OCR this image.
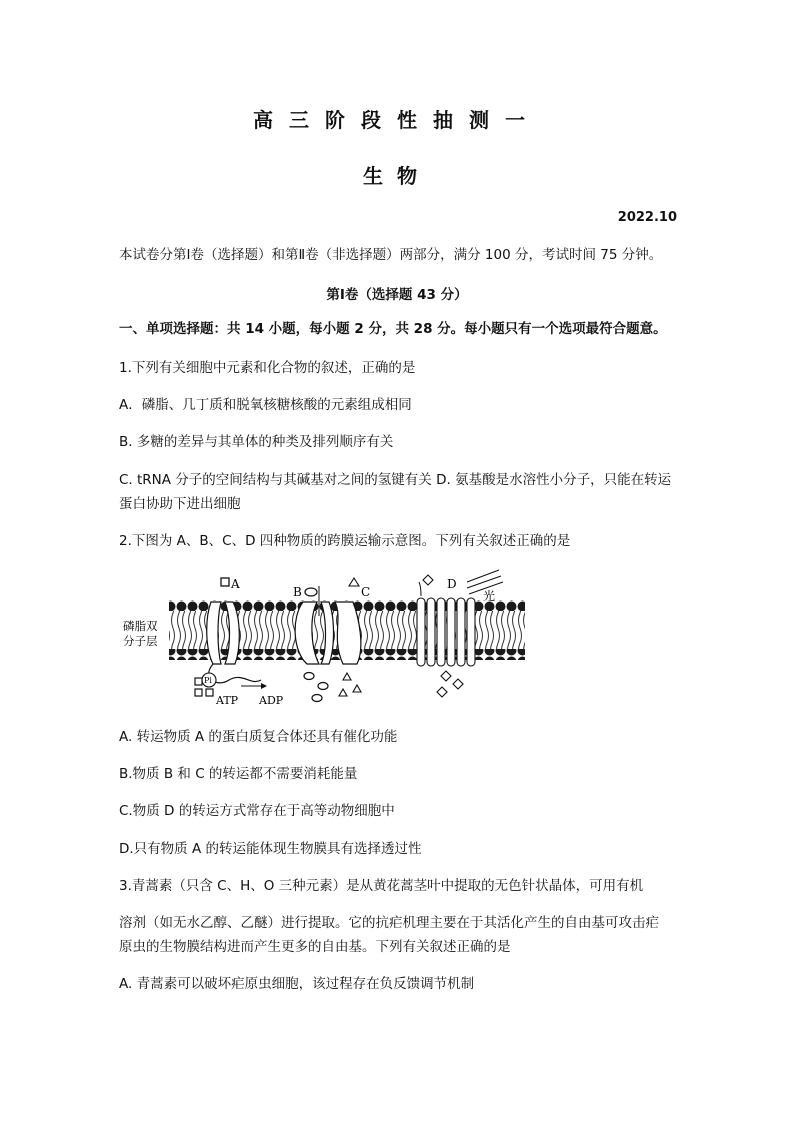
高三阶段性抽测一
生物
2022.10
本试卷分第Ⅰ卷（选择题）和第Ⅱ卷（非选择题）两部分，满分 100 分，考试时间 75 分钟。
第Ⅰ卷（选择题 43 分）
一、单项选择题：共 14 小题，每小题 2 分，共 28 分。每小题只有一个选项最符合题意。
1.下列有关细胞中元素和化合物的叙述，正确的是
A．磷脂、几丁质和脱氧核糖核酸的元素组成相同
B. 多糖的差异与其单体的种类及排列顺序有关
C. tRNA 分子的空间结构与其碱基对之间的氢键有关 D. 氨基酸是水溶性小分子，只能在转运
蛋白协助下进出细胞
2.下图为 A、B、C、D 四种物质的跨膜运输示意图。下列有关叙述正确的是
磷脂双
分子层
A
Pi
ATP ADP
B	C
D
光
A. 转运物质 A 的蛋白质复合体还具有催化功能
B.物质 B 和 C 的转运都不需要消耗能量
C.物质 D 的转运方式常存在于高等动物细胞中
D.只有物质 A 的转运能体现生物膜具有选择透过性
3.青蒿素（只含 C、H、O 三种元素）是从黄花蒿茎叶中提取的无色针状晶体，可用有机
溶剂（如无水乙醇、乙醚）进行提取。它的抗疟机理主要在于其活化产生的自由基可攻击疟
原虫的生物膜结构进而产生更多的自由基。下列有关叙述正确的是
A. 青蒿素可以破坏疟原虫细胞，该过程存在负反馈调节机制
